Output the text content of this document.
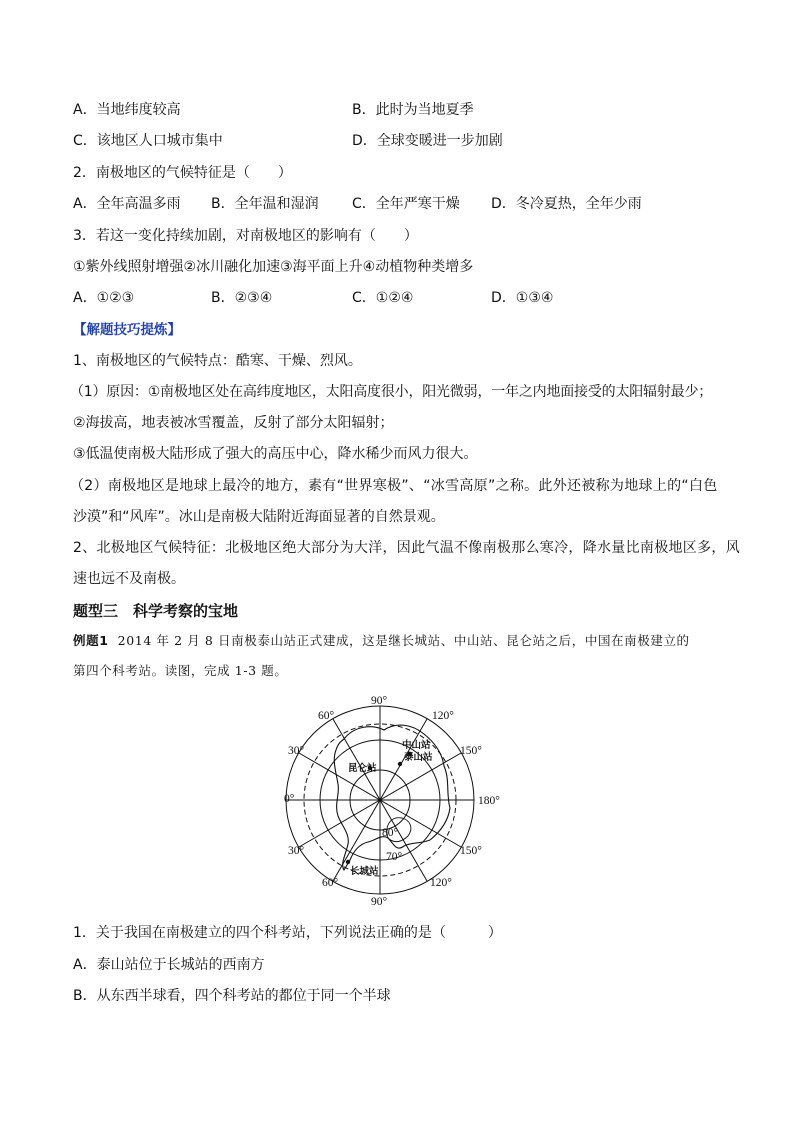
A．当地纬度较高	B．此时为当地夏季
C．该地区人口城市集中	D．全球变暖进一步加剧
2．南极地区的气候特征是（　　）
A．全年高温多雨 B．全年温和湿润 C．全年严寒干燥 D．冬冷夏热，全年少雨
3．若这一变化持续加剧，对南极地区的影响有（　　）
①紫外线照射增强②冰川融化加速③海平面上升④动植物种类增多
A．①②③	B．②③④	C．①②④	D．①③④
【解题技巧提炼】
1、南极地区的气候特点：酷寒、干燥、烈风。
（1）原因：①南极地区处在高纬度地区，太阳高度很小，阳光微弱，一年之内地面接受的太阳辐射最少；
②海拔高，地表被冰雪覆盖，反射了部分太阳辐射；
③低温使南极大陆形成了强大的高压中心，降水稀少而风力很大。
（2）南极地区是地球上最冷的地方，素有“世界寒极”、“冰雪高原”之称。此外还被称为地球上的“白色
沙漠”和“风库”。冰山是南极大陆附近海面显著的自然景观。
2、北极地区气候特征：北极地区绝大部分为大洋，因此气温不像南极那么寒冷，降水量比南极地区多，风
速也远不及南极。
题型三　科学考察的宝地
例题1 2014 年 2 月 8 日南极泰山站正式建成，这是继长城站、中山站、昆仑站之后，中国在南极建立的
第四个科考站。读图，完成 1-3 题。
中山站
泰山站
昆仑站
长城站
90°
90°
60°	120°
30°	150°
0°	180°
30°	150°
60°	120°
80°
70°
1．关于我国在南极建立的四个科考站，下列说法正确的是（　　　）
A．泰山站位于长城站的西南方
B．从东西半球看，四个科考站的都位于同一个半球
